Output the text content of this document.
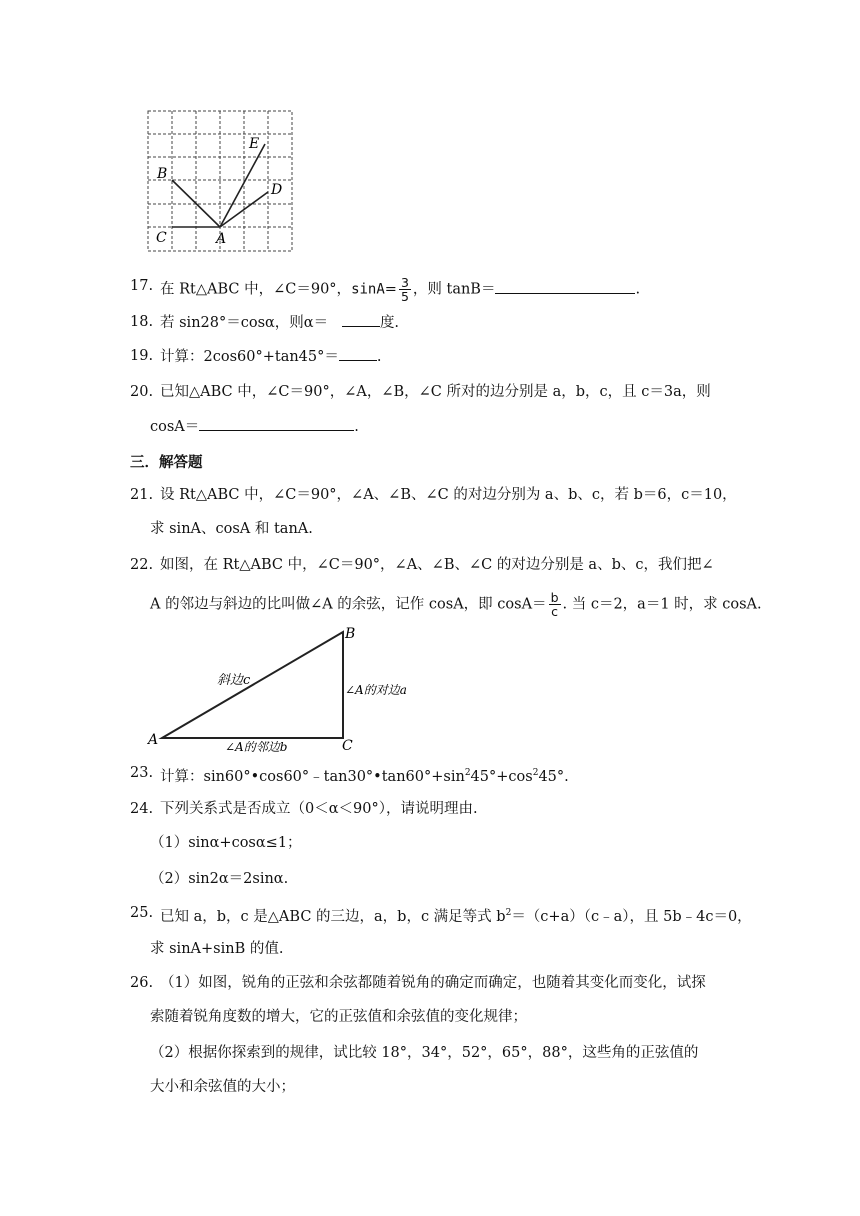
B
E
D
C	A
17. 在 Rt△ABC 中，∠C＝90°，$\sin A= \frac{3}{5}$ ，则 tanB＝	.
18. 若 sin28°＝cosα，则α＝	度.
19. 计算：2cos60°+tan45°＝	.
20. 已知△ABC 中，∠C＝90°，∠A，∠B，∠C 所对的边分别是 a，b，c，且 c＝3a，则
cosA＝	.
三．解答题
21. 设 Rt△ABC 中，∠C＝90°，∠A、∠B、∠C 的对边分别为 a、b、c，若 b＝6，c＝10，
求 sinA、cosA 和 tanA.
22. 如图，在 Rt△ABC 中，∠C＝90°，∠A、∠B、∠C 的对边分别是 a、b、c，我们把∠
A 的邻边与斜边的比叫做∠A 的余弦，记作 cosA，即 $\cos A= \frac{b}{c}$ . 当 c＝2，a＝1 时，求 cosA.
A
B
C
斜边c
∠A的对边a
∠A的邻边b
23. 计算：$\sin 60^\circ•\cos 60^\circ﹣\tan 30^\circ•\tan 60^\circ+\sin^245^\circ+\cos^245^\circ$.
24. 下列关系式是否成立（0＜α＜90°），请说明理由.
（1）sinα+cosα≤1；
（2）sin2α＝2sinα.
25. 已知 a，b，c 是△ABC 的三边，a，b，c 满足等式 $b^2=(c+a)(c﹣a)$，且 5b﹣4c＝0，
求 sinA+sinB 的值.
26. （1）如图，锐角的正弦和余弦都随着锐角的确定而确定，也随着其变化而变化，试探
索随着锐角度数的增大，它的正弦值和余弦值的变化规律；
（2）根据你探索到的规律，试比较 18°，34°，52°，65°，88°，这些角的正弦值的
大小和余弦值的大小；
